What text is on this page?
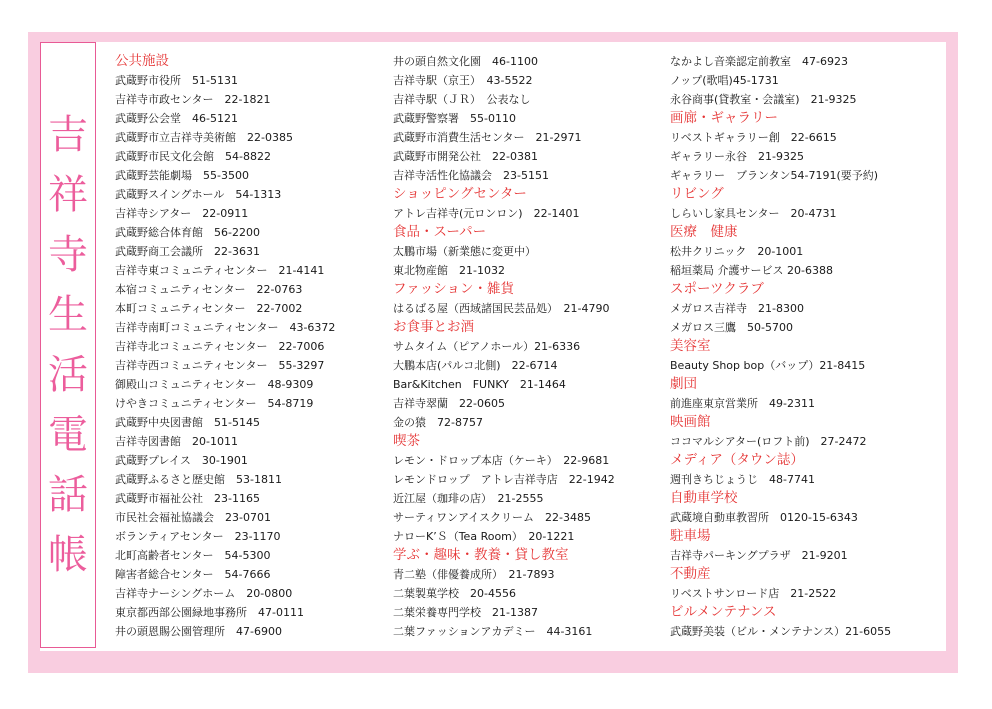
吉
祥
寺
生
活
電
話
帳
公共施設
武蔵野市役所　51-5131
吉祥寺市政センター　22-1821
武蔵野公会堂　46-5121
武蔵野市立吉祥寺美術館　22-0385
武蔵野市民文化会館　54-8822
武蔵野芸能劇場　55-3500
武蔵野スイングホール　54-1313
吉祥寺シアター　22-0911
武蔵野総合体育館　56-2200
武蔵野商工会議所　22-3631
吉祥寺東コミュニティセンター　21-4141
本宿コミュニティセンター　22-0763
本町コミュニティセンター　22-7002
吉祥寺南町コミュニティセンター　43-6372
吉祥寺北コミュニティセンター　22-7006
吉祥寺西コミュニティセンター　55-3297
御殿山コミュニティセンター　48-9309
けやきコミュニティセンター　54-8719
武蔵野中央図書館　51-5145
吉祥寺図書館　20-1011
武蔵野プレイス　30-1901
武蔵野ふるさと歴史館　53-1811
武蔵野市福祉公社　23-1165
市民社会福祉協議会　23-0701
ボランティアセンター　23-1170
北町高齢者センター　54-5300
障害者総合センター　54-7666
吉祥寺ナーシングホーム　20-0800
東京都西部公園緑地事務所　47-0111
井の頭恩賜公園管理所　47-6900
井の頭自然文化園　46-1100
吉祥寺駅（京王）　43-5522
吉祥寺駅（ＪＲ）　公表なし
武蔵野警察署　55-0110
武蔵野市消費生活センター　21-2971
武蔵野市開発公社　22-0381
吉祥寺活性化協議会　23-5151
ショッピングセンター
アトレ吉祥寺(元ロンロン)　22-1401
食品・スーパー
太鵬市場（新業態に変更中）
東北物産館　21-1032
ファッション・雑貨
はるばる屋（西域諸国民芸品処）　21-4790
お食事とお酒
サムタイム（ピアノホール）21-6336
大鵬本店(パルコ北側)　22-6714
Bar&Kitchen　FUNKY　21-1464
吉祥寺翠蘭　22-0605
金の猿　72-8757
喫茶
レモン・ドロップ本店（ケーキ）　22-9681
レモンドロップ　アトレ吉祥寺店　22-1942
近江屋（珈琲の店）　21-2555
サーティワンアイスクリーム　22-3485
ナローK’Ｓ（Tea Room）　20-1221
学ぶ・趣味・教養・貸し教室
青二塾（俳優養成所）　21-7893
二葉製菓学校　20-4556
二葉栄養専門学校　21-1387
二葉ファッションアカデミー　44-3161
なかよし音楽認定前教室　47-6923
ノップ(歌唱)45-1731
永谷商事(貸教室・会議室)　21-9325
画廊・ギャラリー
リベストギャラリー創　22-6615
ギャラリー永谷　21-9325
ギャラリー　ブランタン54-7191(要予約)
リビング
しらいし家具センター　20-4731
医療　健康
松井クリニック　20-1001
稲垣薬局 介護サービス 20-6388
スポーツクラブ
メガロス吉祥寺　21-8300
メガロス三鷹　50-5700
美容室
Beauty Shop bop（バップ）21-8415
劇団
前進座東京営業所　49-2311
映画館
ココマルシアター(ロフト前)　27-2472
メディア（タウン誌）
週刊きちじょうじ　48-7741
自動車学校
武蔵境自動車教習所　0120-15-6343
駐車場
吉祥寺パーキングプラザ　21-9201
不動産
リベストサンロード店　21-2522
ビルメンテナンス
武蔵野美装（ビル・メンテナンス）21-6055
